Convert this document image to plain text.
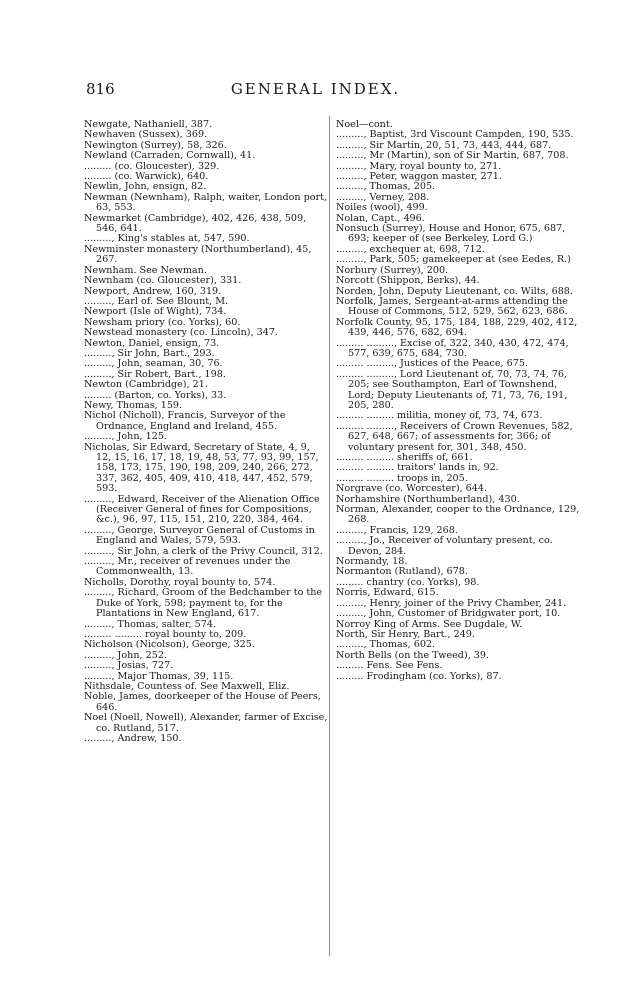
816	GENERAL INDEX.

Newgate, Nathaniell, 387.

Newhaven (Sussex), 369.

Newington (Surrey), 58, 326.

Newland (Carraden, Cornwall), 41.

......... (co. Gloucester), 329.

......... (co. Warwick), 640.

Newlin, John, ensign, 82.

Newman (Newnham), Ralph, waiter, London port, 63, 553.

Newmarket (Cambridge), 402, 426, 438, 509, 546, 641.

........., King's stables at, 547, 590.

Newminster monastery (Northumberland), 45, 267.

Newnham. See Newman.

Newnham (co. Gloucester), 331.

Newport, Andrew, 160, 319.

........., Earl of. See Blount, M.

Newport (Isle of Wight), 734.

Newsham priory (co. Yorks), 60.

Newstead monastery (co. Lincoln), 347.

Newton, Daniel, ensign, 73.

........., Sir John, Bart., 293.

........., John, seaman, 30, 76.

........., Sir Robert, Bart., 198.

Newton (Cambridge), 21.

......... (Barton, co. Yorks), 33.

Newy, Thomas, 159.

Nichol (Nicholl), Francis, Surveyor of the Ordnance, England and Ireland, 455.

........., John, 125.

Nicholas, Sir Edward, Secretary of State, 4, 9, 12, 15, 16, 17, 18, 19, 48, 53, 77, 93, 99, 157, 158, 173, 175, 190, 198, 209, 240, 266, 272, 337, 362, 405, 409, 410, 418, 447, 452, 579, 593.

........., Edward, Receiver of the Alienation Office (Receiver General of fines for Compositions, &c.), 96, 97, 115, 151, 210, 220, 384, 464.

........., George, Surveyor General of Customs in England and Wales, 579, 593.

........., Sir John, a clerk of the Privy Council, 312.

........., Mr., receiver of revenues under the Commonwealth, 13.

Nicholls, Dorothy, royal bounty to, 574.

........., Richard, Groom of the Bedchamber to the Duke of York, 598; payment to, for the Plantations in New England, 617.

........., Thomas, salter, 574.

......... ......... royal bounty to, 209.

Nicholson (Nicolson), George, 325.

........., John, 252.

........., Josias, 727.

........., Major Thomas, 39, 115.

Nithsdale, Countess of. See Maxwell, Eliz.

Noble, James, doorkeeper of the House of Peers, 646.

Noel (Noell, Nowell), Alexander, farmer of Excise, co. Rutland, 517.

........., Andrew, 150.

Noel—cont.

........., Baptist, 3rd Viscount Campden, 190, 535.

........., Sir Martin, 20, 51, 73, 443, 444, 687.

........., Mr (Martin), son of Sir Martin, 687, 708.

........., Mary, royal bounty to, 271.

........., Peter, waggon master, 271.

........., Thomas, 205.

........., Verney, 208.

Noiles (wool), 499.

Nolan, Capt., 496.

Nonsuch (Surrey), House and Honor, 675, 687, 693; keeper of (see Berkeley, Lord G.)

........., exchequer at, 698, 712.

........., Park, 505; gamekeeper at (see Eedes, R.)

Norbury (Surrey), 200.

Norcott (Shippon, Berks), 44.

Norden, John, Deputy Lieutenant, co. Wilts, 688.

Norfolk, James, Sergeant-at-arms attending the House of Commons, 512, 529, 562, 623, 686.

Norfolk County, 95, 175, 184, 188, 229, 402, 412, 439, 446, 576, 682, 694.

......... ........., Excise of, 322, 340, 430, 472, 474, 577, 639, 675, 684, 730.

......... ........., Justices of the Peace, 675.

......... ........., Lord Lieutenant of, 70, 73, 74, 76, 205; see Southampton, Earl of Townshend, Lord; Deputy Lieutenants of, 71, 73, 76, 191, 205, 280.

......... ......... militia, money of, 73, 74, 673.

......... ........., Receivers of Crown Revenues, 582, 627, 648, 667; of assessments for, 366; of voluntary present for, 301, 348, 450.

......... ......... sheriffs of, 661.

......... ......... traitors' lands in, 92.

......... ......... troops in, 205.

Norgrave (co. Worcester), 644.

Norhamshire (Northumberland), 430.

Norman, Alexander, cooper to the Ordnance, 129, 268.

........., Francis, 129, 268.

........., Jo., Receiver of voluntary present, co. Devon, 284.

Normandy, 18.

Normanton (Rutland), 678.

......... chantry (co. Yorks), 98.

Norris, Edward, 615.

........., Henry, joiner of the Privy Chamber, 241.

........., John, Customer of Bridgwater port, 10.

Norroy King of Arms. See Dugdale, W.

North, Sir Henry, Bart., 249.

........., Thomas, 602.

North Bells (on the Tweed), 39.

......... Fens. See Fens.

......... Frodingham (co. Yorks), 87.
